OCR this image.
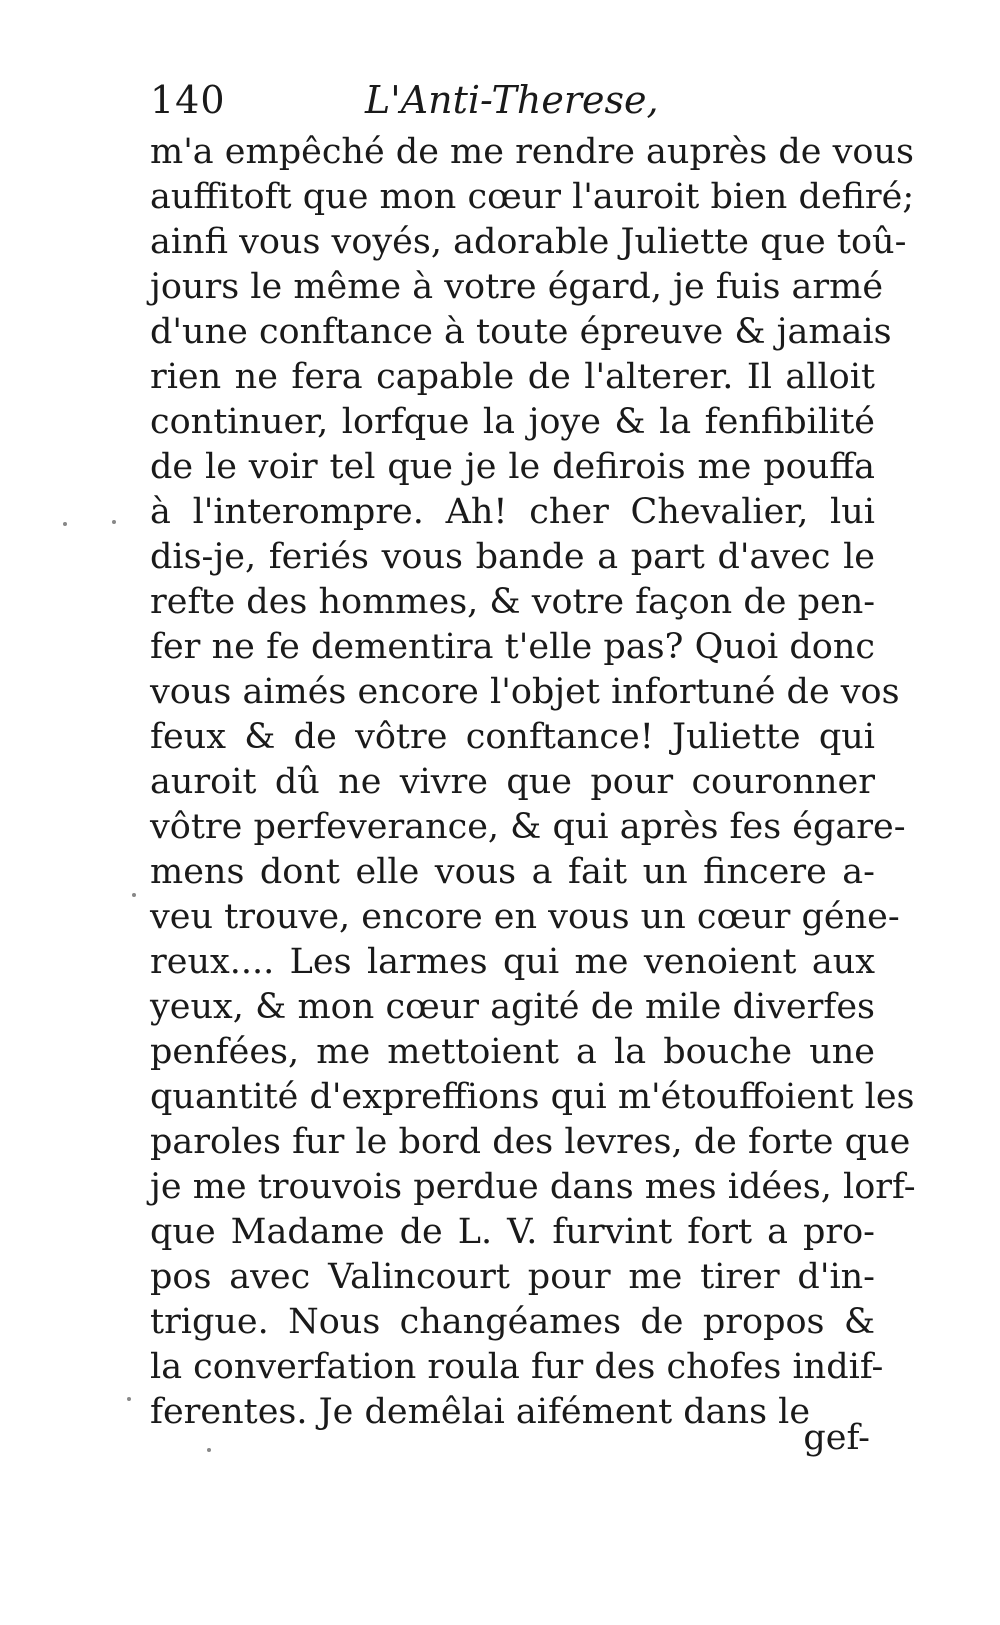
140	L'Anti-Therese,
m'a empêché de me rendre auprès de vous
auffitoft que mon cœur l'auroit bien defiré;
ainfi vous voyés, adorable Juliette que toû-
jours le même à votre égard, je fuis armé
d'une conftance à toute épreuve & jamais
rien ne fera capable de l'alterer. Il alloit
continuer, lorfque la joye & la fenfibilité
de le voir tel que je le defirois me pouffa
à l'interompre. Ah! cher Chevalier, lui
dis-je, feriés vous bande a part d'avec le
refte des hommes, & votre façon de pen-
fer ne fe dementira t'elle pas? Quoi donc
vous aimés encore l'objet infortuné de vos
feux & de vôtre conftance! Juliette qui
auroit dû ne vivre que pour couronner
vôtre perfeverance, & qui après fes égare-
mens dont elle vous a fait un fincere a-
veu trouve, encore en vous un cœur géne-
reux.... Les larmes qui me venoient aux
yeux, & mon cœur agité de mile diverfes
penfées, me mettoient a la bouche une
quantité d'expreffions qui m'étouffoient les
paroles fur le bord des levres, de forte que
je me trouvois perdue dans mes idées, lorf-
que Madame de L. V. furvint fort a pro-
pos avec Valincourt pour me tirer d'in-
trigue. Nous changéames de propos &
la converfation roula fur des chofes indif-
ferentes. Je demêlai aifément dans le
gef-
